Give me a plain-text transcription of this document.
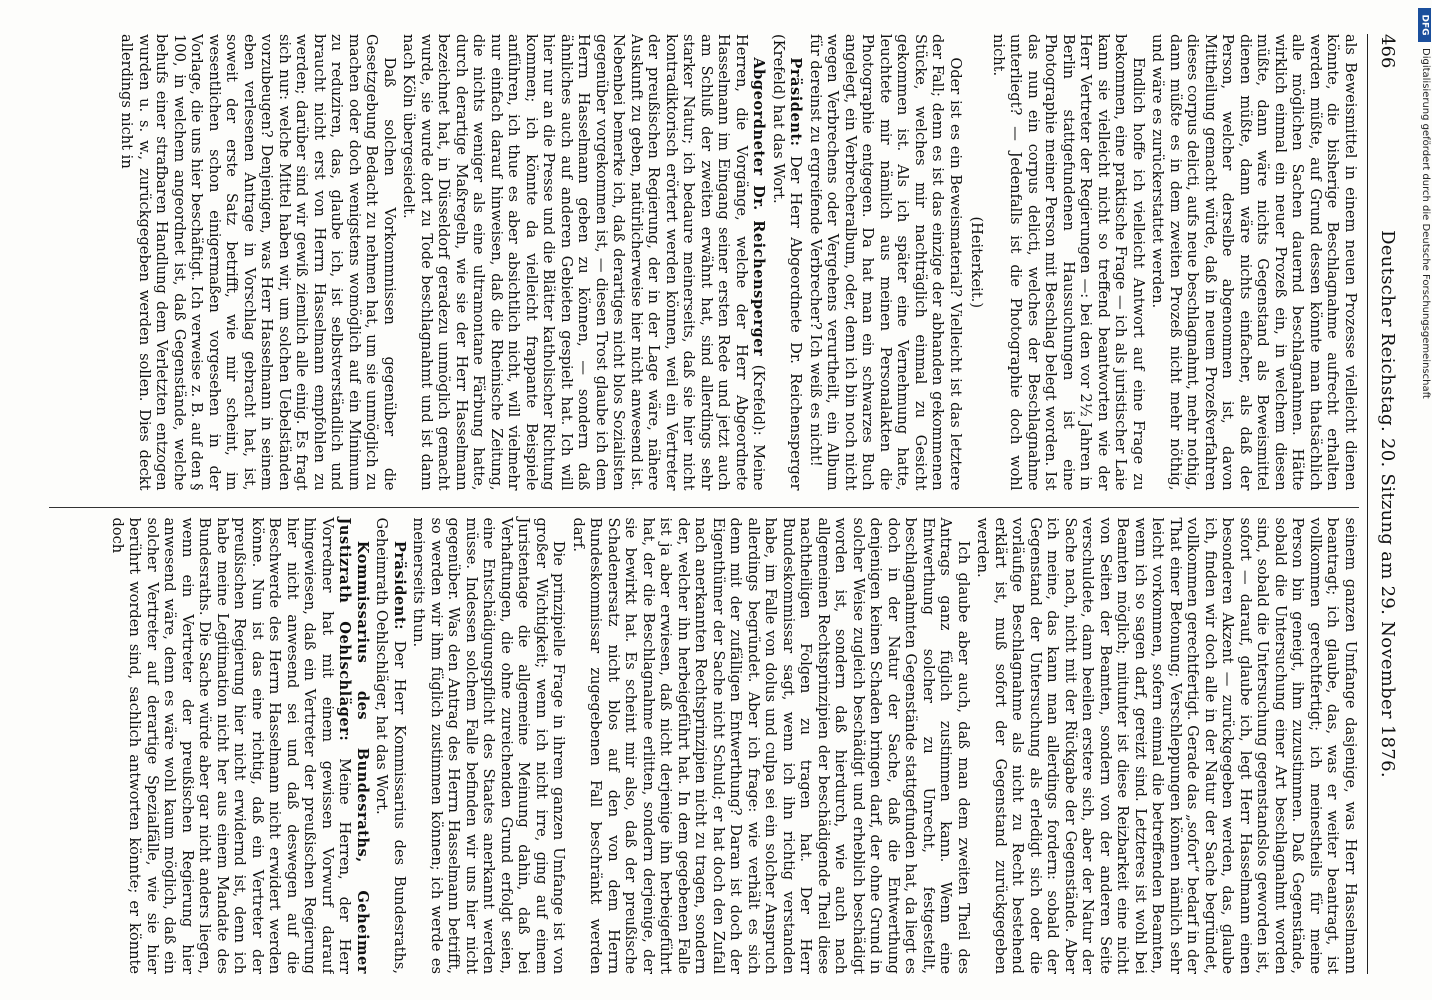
466
Deutscher Reichstag. 20. Sitzung am 29. November 1876.

als Beweismittel in einem neuen Prozesse vielleicht dienen könnte, die bisherige Beschlagnahme aufrecht erhalten werden müßte, auf Grund dessen könnte man thatsächlich alle möglichen Sachen dauernd beschlagnahmen. Hätte wirklich einmal ein neuer Prozeß ein, in welchem diesen müßte, dann wäre nichts Gegenstand als Beweismittel dienen müßte, dann wäre nichts einfacher, als daß der Person, welcher derselbe abgenommen ist, davon Mittheilung gemacht würde, daß in neuem Prozeßverfahren dieses corpus delicti, aufs neue beschlagnahmt, mehr nothig, dann müßte es in dem zweiten Prozeß nicht mehr nöthig, und wäre es zurückerstattet werden.

Endlich hoffe ich vielleicht Antwort auf eine Frage zu bekommen, eine praktische Frage — ich als juristischer Laie kann sie vielleicht nicht so treffend beantworten wie der Herr Vertreter der Regierungen —: bei den vor 2½ Jahren in Berlin stattgefundenen Haussuchungen ist eine Photographie meiner Person mit Beschlag belegt worden. Ist das nun ein corpus delicti, welches der Beschlagnahme unterliegt? — Jedenfalls ist die Photographie doch wohl nicht.

(Heiterkeit.)

Oder ist es ein Beweismaterial? Vielleicht ist das letztere der Fall; denn es ist das einzige der abhanden gekommenen Stücke, welches mir nachträglich einmal zu Gesicht gekommen ist. Als ich später eine Vernehmung hatte, leuchtete mir nämlich aus meinen Personalakten die Photographie entgegen. Da hat man ein schwarzes Buch angelegt, ein Verbrecheralbum, oder, denn ich bin noch nicht wegen Verbrechens oder Vergehens verurtheilt, ein Album für dereinst zu ergreifende Verbrecher? Ich weiß es nicht!

Präsident: Der Herr Abgeordnete Dr. Reichensperger (Krefeld) hat das Wort.

Abgeordneter Dr. Reichensperger (Krefeld): Meine Herren, die Vorgänge, welche der Herr Abgeordnete Hasselmann im Eingang seiner ersten Rede und jetzt auch am Schluß der zweiten erwähnt hat, sind allerdings sehr starker Natur; ich bedaure meinerseits, daß sie hier nicht kontradiktorisch erörtert werden können, weil ein Vertreter der preußischen Regierung, der in der Lage wäre, nähere Auskunft zu geben, natürlicherweise hier nicht anwesend ist. Nebenbei bemerke ich, daß derartiges nicht blos Sozialisten gegenüber vorgekommen ist, — diesen Trost glaube ich dem Herrn Hasselmann geben zu können, — sondern daß ähnliches auch auf anderen Gebieten gespielt hat. Ich will hier nur an die Presse und die Blätter katholischer Richtung kommen; ich könnte da vielleicht frappante Beispiele anführen, ich thue es aber absichtlich nicht, will vielmehr nur einfach darauf hinweisen, daß die Rheinische Zeitung, die nichts weniger als eine ultramontane Färbung hatte, durch derartige Maßregeln, wie sie der Herr Hasselmann bezeichnet hat, in Düsseldorf geradezu unmöglich gemacht wurde, sie wurde dort zu Tode beschlagnahmt und ist dann nach Köln übergesiedelt.

Daß solchen Vorkommnissen gegenüber die Gesetzgebung Bedacht zu nehmen hat, um sie unmöglich zu machen oder doch wenigstens womöglich auf ein Minimum zu reduziren, das, glaube ich, ist selbstverständlich und braucht nicht erst von Herrn Hasselmann empfohlen zu werden; darüber sind wir gewiß ziemlich alle einig. Es fragt sich nur: welche Mittel haben wir, um solchen Uebelständen vorzubeugen? Denjenigen, was Herr Hasselmann in seinem eben verlesenen Antrage in Vorschlag gebracht hat, ist, soweit der erste Satz betrifft, wie mir scheint, im wesentlichen schon einigermaßen vorgesehen in der Vorlage, die uns hier beschäftigt. Ich verweise z. B. auf den § 100, in welchem angeordnet ist, daß Gegenstände, welche behufs einer strafbaren Handlung dem Verletzten entzogen wurden u. s. w., zurückgegeben werden sollen. Dies deckt allerdings nicht in

seinem ganzen Umfange dasjenige, was Herr Hasselmann beantragt; ich glaube, das, was er weiter beantragt, ist vollkommen gerechtfertigt; ich meinestheils für meine Person bin geneigt, ihm zuzustimmen. Daß Gegenstände, sobald die Untersuchung einer Art beschlagnahmt worden sind, sobald die Untersuchung gegenstandslos geworden ist, sofort — darauf, glaube ich, legt Herr Hasselmann einen besonderen Akzent — zurückgegeben werden, das, glaube ich, finden wir doch alle in der Natur der Sache begründet, vollkommen gerechtfertigt. Gerade das „sofort“ bedarf in der That einer Betonung; Verschleppungen können nämlich sehr leicht vorkommen, sofern einmal die betreffenden Beamten, wenn ich so sagen darf, gereizt sind. Letzteres ist wohl bei Beamten möglich; mitunter ist diese Reizbarkeit eine nicht von Seiten der Beamten, sondern von der anderen Seite verschuldete, dann beeilen erstere sich, aber der Natur der Sache nach, nicht mit der Rückgabe der Gegenstände. Aber ich meine, das kann man allerdings fordern: sobald der Gegenstand der Untersuchung als erledigt sich oder die vorläufige Beschlagnahme als nicht zu Recht bestehend erklärt ist, muß sofort der Gegenstand zurückgegeben werden.

Ich glaube aber auch, daß man dem zweiten Theil des Antrags ganz füglich zustimmen kann. Wenn eine Entwerthung solcher zu Unrecht, festgestellt, beschlagnahmten Gegenstände stattgefunden hat, da liegt es doch in der Natur der Sache, daß die Entwerthung denjenigen keinen Schaden bringen darf, der ohne Grund in solcher Weise zugleich beschädigt und erheblich beschädigt worden ist, sondern daß hierdurch, wie auch nach allgemeinen Rechtsprinzipien der beschädigende Theil diese nachtheiligen Folgen zu tragen hat. Der Herr Bundeskommissar sagt, wenn ich ihn richtig verstanden habe, im Falle von dolus und culpa sei ein solcher Anspruch allerdings begründet. Aber ich frage: wie verhält es sich denn mit der zufälligen Entwerthung? Daran ist doch der Eigenthümer der Sache nicht Schuld; er hat doch den Zufall nach anerkannten Rechtsprinzipien nicht zu tragen, sondern der, welcher ihn herbeigeführt hat. In dem gegebenen Falle ist ja aber erwiesen, daß nicht derjenige ihn herbeigeführt hat, der die Beschlagnahme erlitten, sondern derjenige, der sie bewirkt hat. Es scheint mir also, daß der preußische Schadenersatz nicht blos auf den von dem Herrn Bundeskommissar zugegebenen Fall beschränkt werden darf.

Die prinzipielle Frage in ihrem ganzen Umfange ist von großer Wichtigkeit; wenn ich nicht irre, ging auf einem Juristentage die allgemeine Meinung dahin, daß bei Verhaftungen, die ohne zureichenden Grund erfolgt seien, eine Entschädigungspflicht des Staates anerkannt werden müsse. Indessen solchem Falle befinden wir uns hier nicht gegenüber. Was den Antrag des Herrn Hasselmann betrifft, so werden wir ihm füglich zustimmen können; ich werde es meinerseits thun.

Präsident: Der Herr Kommissarius des Bundesraths, Geheimrath Oehlschläger, hat das Wort.

Kommissarius des Bundesraths, Geheimer Justizrath Oehlschläger: Meine Herren, der Herr Vorredner hat mit einem gewissen Vorwurf darauf hingewiesen, daß ein Vertreter der preußischen Regierung hier nicht anwesend sei und daß deswegen auf die Beschwerde des Herrn Hasselmann nicht erwidert werden könne. Nun ist das eine richtig, daß ein Vertreter der preußischen Regierung hier nicht erwidernd ist, denn ich habe meine Legitimation nicht her aus einem Mandate des Bundesraths. Die Sache würde aber gar nicht anders liegen, wenn ein Vertreter der preußischen Regierung hier anwesend wäre, denn es wäre wohl kaum möglich, daß ein solcher Vertreter auf derartige Spezialfälle, wie sie hier berührt worden sind, sachlich antworten könnte; er könnte doch

DFG
Digitalisierung gefördert durch die Deutsche Forschungsgemeinschaft
